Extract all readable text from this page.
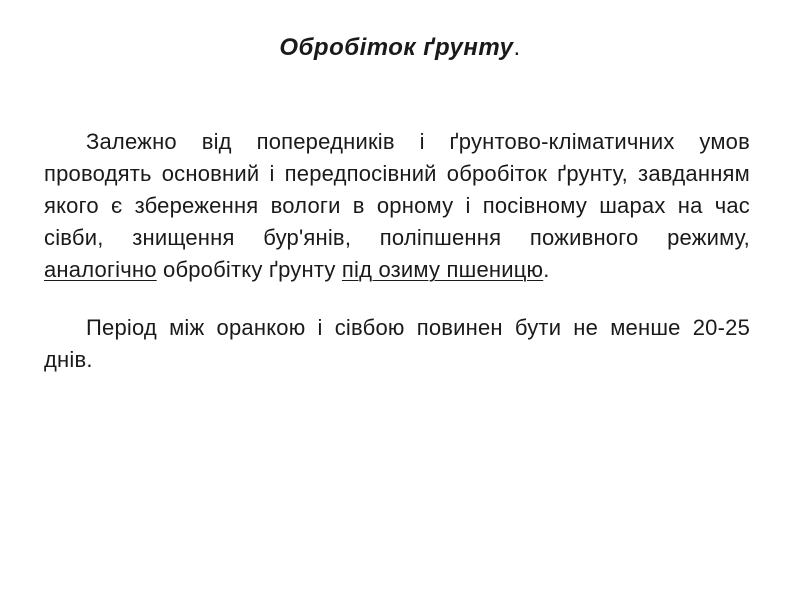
Обробіток ґрунту.

Залежно від попередників і ґрунтово-кліматичних умов проводять основний і передпосівний обробіток ґрунту, завданням якого є збереження вологи в орному і посівному шарах на час сівби, знищення бур'янів, поліпшення поживного режиму, аналогічно обробітку ґрунту під озиму пшеницю.

Період між оранкою і сівбою повинен бути не менше 20-25 днів.
